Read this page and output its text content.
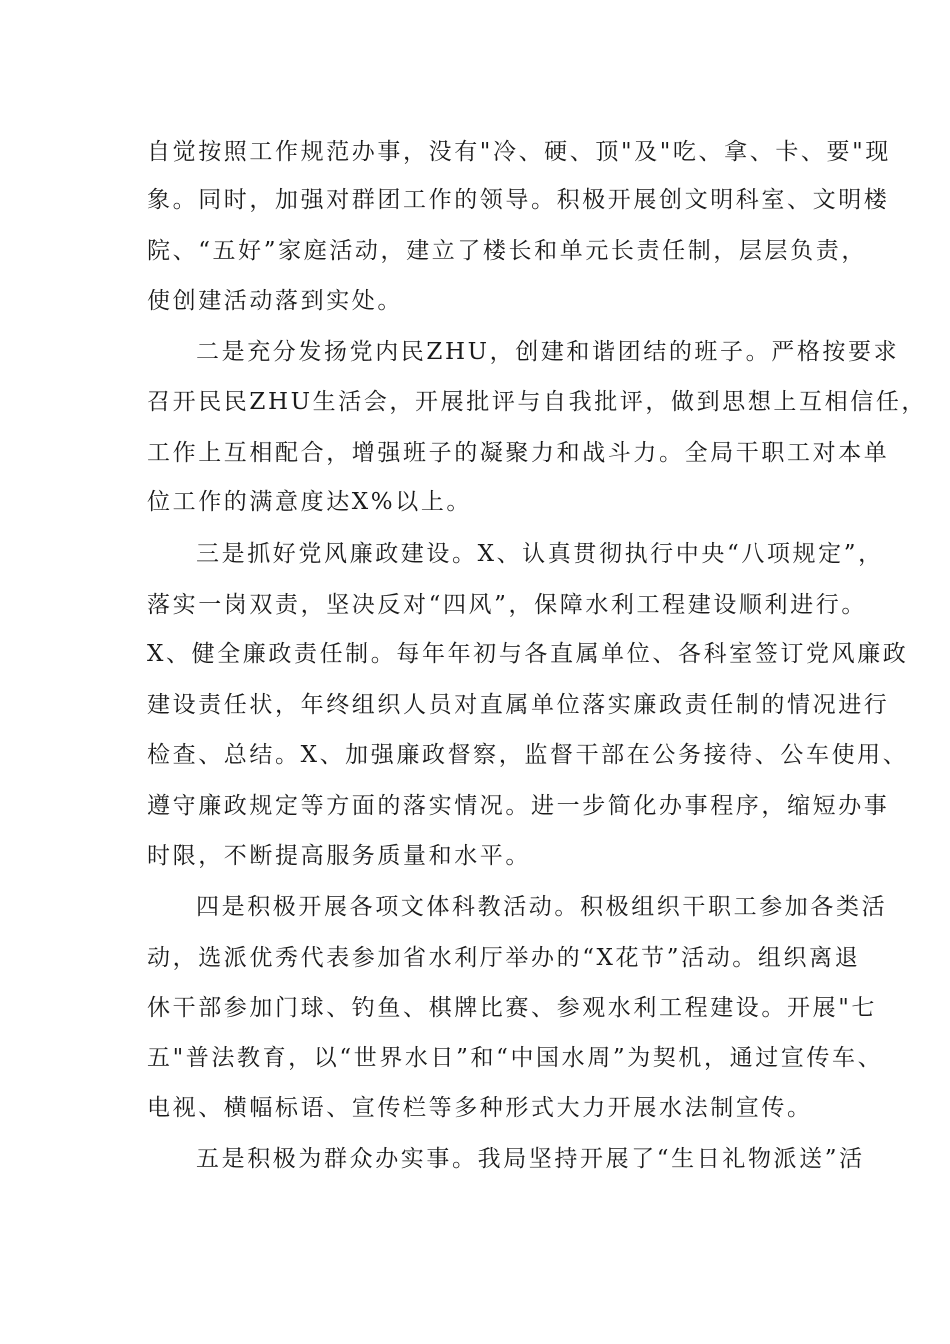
自觉按照工作规范办事，没有"冷、硬、顶"及"吃、拿、卡、要"现
象。同时，加强对群团工作的领导。积极开展创文明科室、文明楼
院、“五好”家庭活动，建立了楼长和单元长责任制，层层负责，
使创建活动落到实处。
二是充分发扬党内民ZHU，创建和谐团结的班子。严格按要求
召开民民ZHU生活会，开展批评与自我批评，做到思想上互相信任，
工作上互相配合，增强班子的凝聚力和战斗力。全局干职工对本单
位工作的满意度达X%以上。
三是抓好党风廉政建设。X、认真贯彻执行中央“八项规定”，
落实一岗双责，坚决反对“四风”，保障水利工程建设顺利进行。
X、健全廉政责任制。每年年初与各直属单位、各科室签订党风廉政
建设责任状，年终组织人员对直属单位落实廉政责任制的情况进行
检查、总结。X、加强廉政督察，监督干部在公务接待、公车使用、
遵守廉政规定等方面的落实情况。进一步简化办事程序，缩短办事
时限，不断提高服务质量和水平。
四是积极开展各项文体科教活动。积极组织干职工参加各类活
动，选派优秀代表参加省水利厅举办的“X花节”活动。组织离退
休干部参加门球、钓鱼、棋牌比赛、参观水利工程建设。开展"七
五"普法教育，以“世界水日”和“中国水周”为契机，通过宣传车、
电视、横幅标语、宣传栏等多种形式大力开展水法制宣传。
五是积极为群众办实事。我局坚持开展了“生日礼物派送”活
